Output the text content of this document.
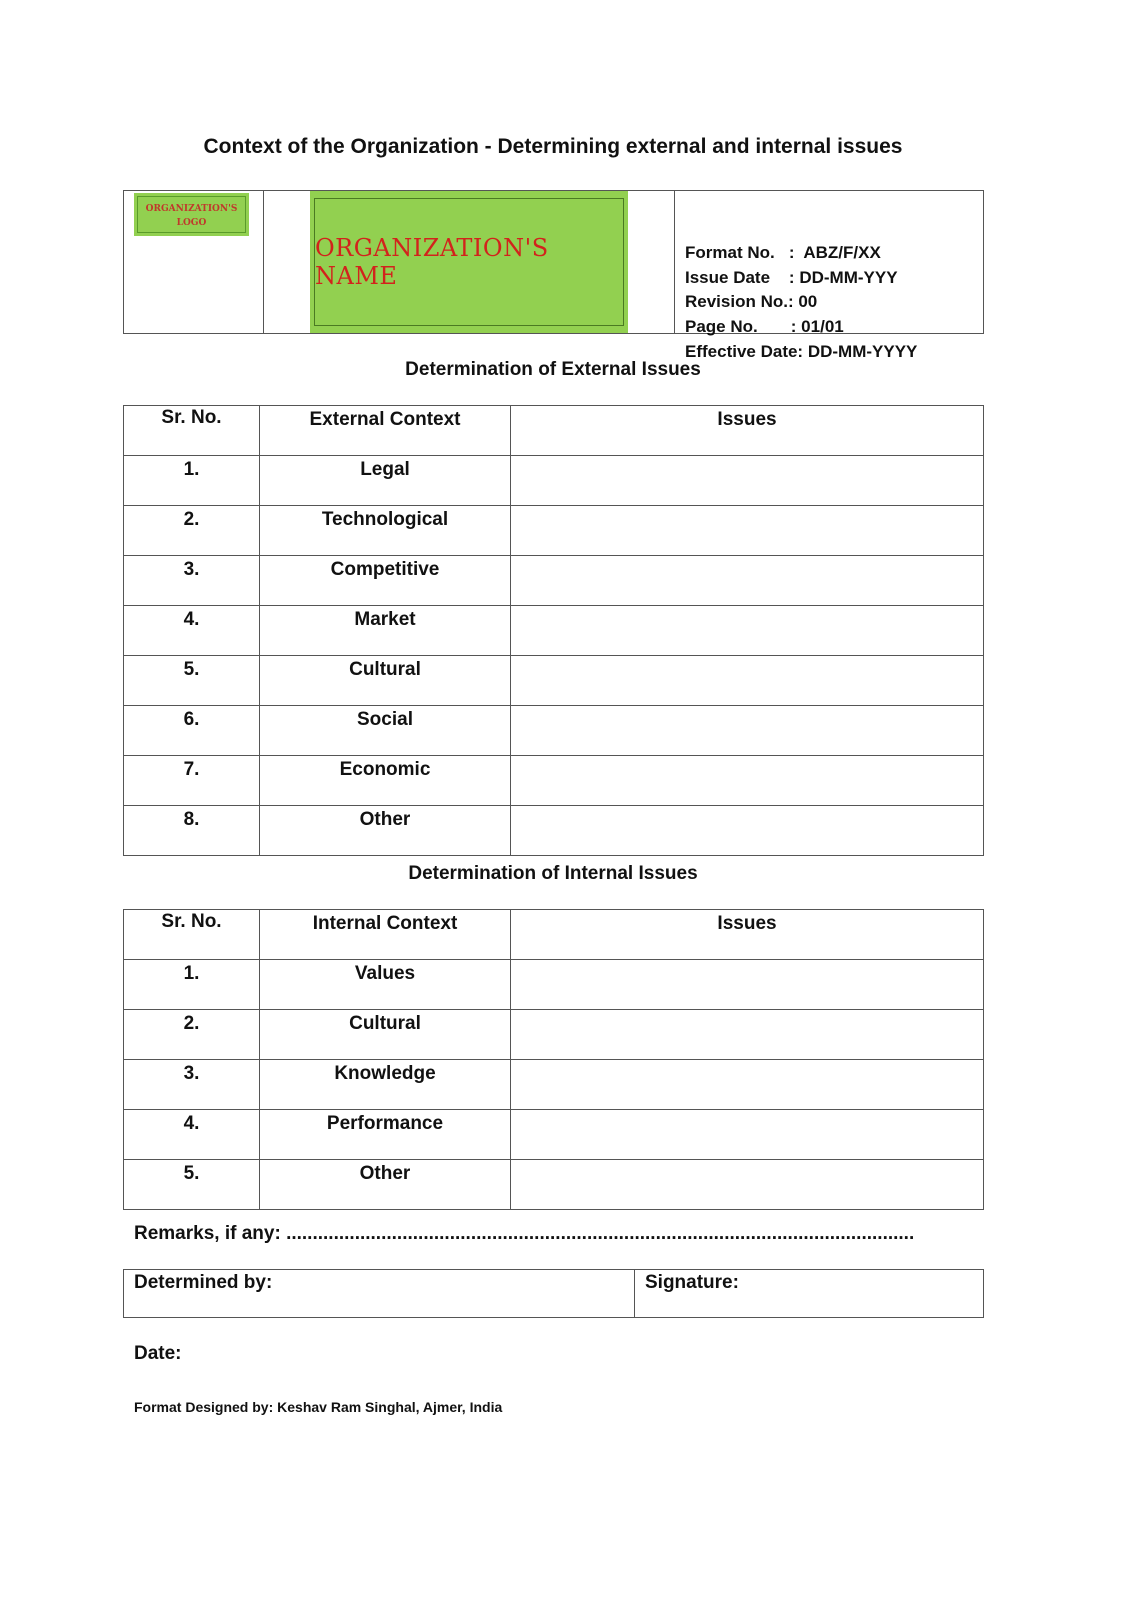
Context of the Organization - Determining external and internal issues
ORGANIZATION'S LOGO
ORGANIZATION'S NAME

Format No.   :  ABZ/F/XX
Issue Date    : DD-MM-YYY
Revision No.: 00
Page No.       : 01/01
Effective Date: DD-MM-YYYY

Determination of External Issues
Sr. No.	External Context	Issues
1.	Legal	
2.	Technological	
3.	Competitive	
4.	Market	
5.	Cultural	
6.	Social	
7.	Economic	
8.	Other	
Determination of Internal Issues
Sr. No.	Internal Context	Issues
1.	Values	
2.	Cultural	
3.	Knowledge	
4.	Performance	
5.	Other	
Remarks, if any: .......................................................................................................................
Determined by:	Signature:
Date:
Format Designed by: Keshav Ram Singhal, Ajmer, India
